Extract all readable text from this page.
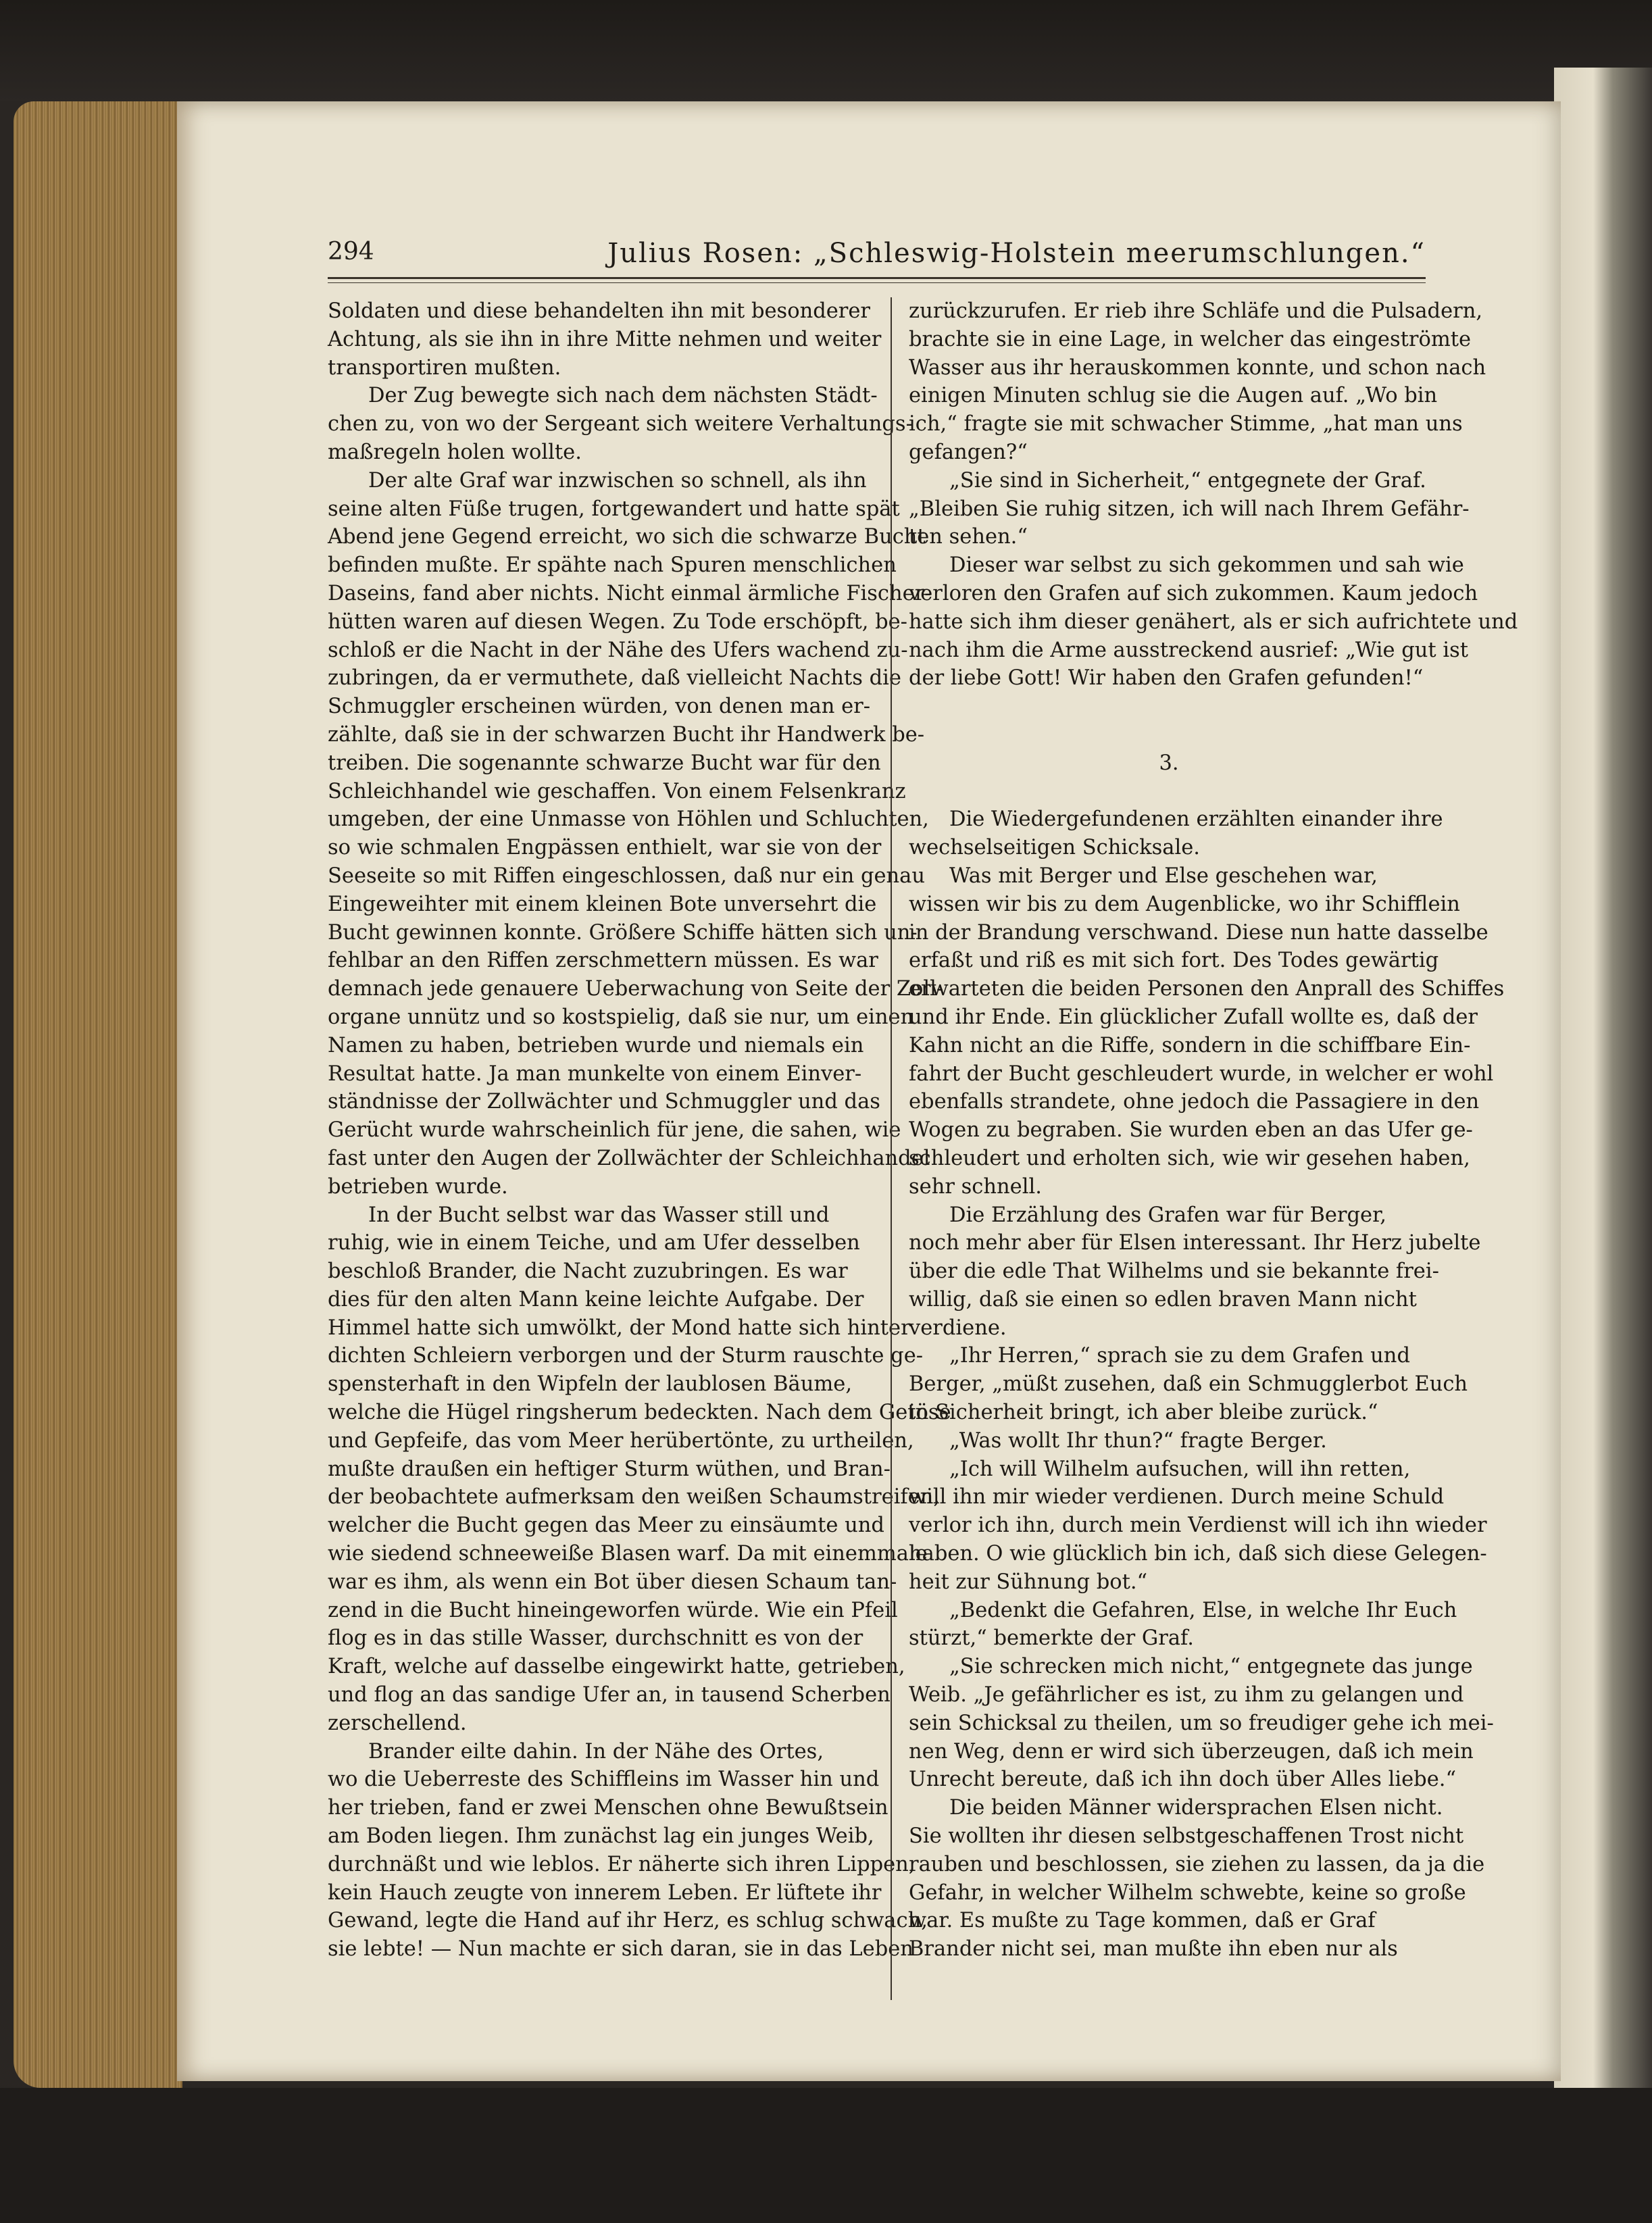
294	Julius Rosen: „Schleswig-Holstein meerumschlungen.“
Soldaten und diese behandelten ihn mit besonderer
Achtung, als sie ihn in ihre Mitte nehmen und weiter
transportiren mußten.
Der Zug bewegte sich nach dem nächsten Städt-
chen zu, von wo der Sergeant sich weitere Verhaltungs-
maßregeln holen wollte.
Der alte Graf war inzwischen so schnell, als ihn
seine alten Füße trugen, fortgewandert und hatte spät
Abend jene Gegend erreicht, wo sich die schwarze Bucht
befinden mußte. Er spähte nach Spuren menschlichen
Daseins, fand aber nichts. Nicht einmal ärmliche Fischer-
hütten waren auf diesen Wegen. Zu Tode erschöpft, be-
schloß er die Nacht in der Nähe des Ufers wachend zu-
zubringen, da er vermuthete, daß vielleicht Nachts die
Schmuggler erscheinen würden, von denen man er-
zählte, daß sie in der schwarzen Bucht ihr Handwerk be-
treiben. Die sogenannte schwarze Bucht war für den
Schleichhandel wie geschaffen. Von einem Felsenkranz
umgeben, der eine Unmasse von Höhlen und Schluchten,
so wie schmalen Engpässen enthielt, war sie von der
Seeseite so mit Riffen eingeschlossen, daß nur ein genau
Eingeweihter mit einem kleinen Bote unversehrt die
Bucht gewinnen konnte. Größere Schiffe hätten sich un-
fehlbar an den Riffen zerschmettern müssen. Es war
demnach jede genauere Ueberwachung von Seite der Zoll-
organe unnütz und so kostspielig, daß sie nur, um einen
Namen zu haben, betrieben wurde und niemals ein
Resultat hatte. Ja man munkelte von einem Einver-
ständnisse der Zollwächter und Schmuggler und das
Gerücht wurde wahrscheinlich für jene, die sahen, wie
fast unter den Augen der Zollwächter der Schleichhandel
betrieben wurde.
In der Bucht selbst war das Wasser still und
ruhig, wie in einem Teiche, und am Ufer desselben
beschloß Brander, die Nacht zuzubringen. Es war
dies für den alten Mann keine leichte Aufgabe. Der
Himmel hatte sich umwölkt, der Mond hatte sich hinter
dichten Schleiern verborgen und der Sturm rauschte ge-
spensterhaft in den Wipfeln der laublosen Bäume,
welche die Hügel ringsherum bedeckten. Nach dem Getöse
und Gepfeife, das vom Meer herübertönte, zu urtheilen,
mußte draußen ein heftiger Sturm wüthen, und Bran-
der beobachtete aufmerksam den weißen Schaumstreifen,
welcher die Bucht gegen das Meer zu einsäumte und
wie siedend schneeweiße Blasen warf. Da mit einemmale
war es ihm, als wenn ein Bot über diesen Schaum tan-
zend in die Bucht hineingeworfen würde. Wie ein Pfeil
flog es in das stille Wasser, durchschnitt es von der
Kraft, welche auf dasselbe eingewirkt hatte, getrieben,
und flog an das sandige Ufer an, in tausend Scherben
zerschellend.
Brander eilte dahin. In der Nähe des Ortes,
wo die Ueberreste des Schiffleins im Wasser hin und
her trieben, fand er zwei Menschen ohne Bewußtsein
am Boden liegen. Ihm zunächst lag ein junges Weib,
durchnäßt und wie leblos. Er näherte sich ihren Lippen,
kein Hauch zeugte von innerem Leben. Er lüftete ihr
Gewand, legte die Hand auf ihr Herz, es schlug schwach,
sie lebte! — Nun machte er sich daran, sie in das Leben
zurückzurufen. Er rieb ihre Schläfe und die Pulsadern,
brachte sie in eine Lage, in welcher das eingeströmte
Wasser aus ihr herauskommen konnte, und schon nach
einigen Minuten schlug sie die Augen auf. „Wo bin
ich,“ fragte sie mit schwacher Stimme, „hat man uns
gefangen?“
„Sie sind in Sicherheit,“ entgegnete der Graf.
„Bleiben Sie ruhig sitzen, ich will nach Ihrem Gefähr-
ten sehen.“
Dieser war selbst zu sich gekommen und sah wie
verloren den Grafen auf sich zukommen. Kaum jedoch
hatte sich ihm dieser genähert, als er sich aufrichtete und
nach ihm die Arme ausstreckend ausrief: „Wie gut ist
der liebe Gott! Wir haben den Grafen gefunden!“
3.
Die Wiedergefundenen erzählten einander ihre
wechselseitigen Schicksale.
Was mit Berger und Else geschehen war,
wissen wir bis zu dem Augenblicke, wo ihr Schifflein
in der Brandung verschwand. Diese nun hatte dasselbe
erfaßt und riß es mit sich fort. Des Todes gewärtig
erwarteten die beiden Personen den Anprall des Schiffes
und ihr Ende. Ein glücklicher Zufall wollte es, daß der
Kahn nicht an die Riffe, sondern in die schiffbare Ein-
fahrt der Bucht geschleudert wurde, in welcher er wohl
ebenfalls strandete, ohne jedoch die Passagiere in den
Wogen zu begraben. Sie wurden eben an das Ufer ge-
schleudert und erholten sich, wie wir gesehen haben,
sehr schnell.
Die Erzählung des Grafen war für Berger,
noch mehr aber für Elsen interessant. Ihr Herz jubelte
über die edle That Wilhelms und sie bekannte frei-
willig, daß sie einen so edlen braven Mann nicht
verdiene.
„Ihr Herren,“ sprach sie zu dem Grafen und
Berger, „müßt zusehen, daß ein Schmugglerbot Euch
in Sicherheit bringt, ich aber bleibe zurück.“
„Was wollt Ihr thun?“ fragte Berger.
„Ich will Wilhelm aufsuchen, will ihn retten,
will ihn mir wieder verdienen. Durch meine Schuld
verlor ich ihn, durch mein Verdienst will ich ihn wieder
haben. O wie glücklich bin ich, daß sich diese Gelegen-
heit zur Sühnung bot.“
„Bedenkt die Gefahren, Else, in welche Ihr Euch
stürzt,“ bemerkte der Graf.
„Sie schrecken mich nicht,“ entgegnete das junge
Weib. „Je gefährlicher es ist, zu ihm zu gelangen und
sein Schicksal zu theilen, um so freudiger gehe ich mei-
nen Weg, denn er wird sich überzeugen, daß ich mein
Unrecht bereute, daß ich ihn doch über Alles liebe.“
Die beiden Männer widersprachen Elsen nicht.
Sie wollten ihr diesen selbstgeschaffenen Trost nicht
rauben und beschlossen, sie ziehen zu lassen, da ja die
Gefahr, in welcher Wilhelm schwebte, keine so große
war. Es mußte zu Tage kommen, daß er Graf
Brander nicht sei, man mußte ihn eben nur als
